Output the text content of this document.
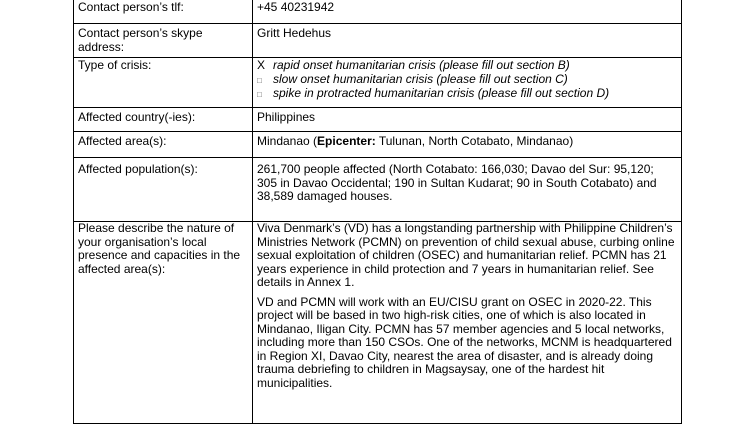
Contact person’s tlf:	+45 40231942
Contact person’s skype address:	Gritt Hedehus
Type of crisis:	X rapid onset humanitarian crisis (please fill out section B)
□ slow onset humanitarian crisis (please fill out section C)
□ spike in protracted humanitarian crisis (please fill out section D)

Affected country(-ies):	Philippines
Affected area(s):	Mindanao (Epicenter: Tulunan, North Cotabato, Mindanao)
Affected population(s):	261,700 people affected (North Cotabato: 166,030; Davao del Sur: 95,120; 305 in Davao Occidental; 190 in Sultan Kudarat; 90 in South Cotabato) and 38,589 damaged houses.
Please describe the nature of your organisation’s local presence and capacities in the affected area(s):	Viva Denmark’s (VD) has a longstanding partnership with Philippine Children’s Ministries Network (PCMN) on prevention of child sexual abuse, curbing online sexual exploitation of children (OSEC) and humanitarian relief. PCMN has 21 years experience in child protection and 7 years in humanitarian relief. See details in Annex 1.

VD and PCMN will work with an EU/CISU grant on OSEC in 2020-22. This project will be based in two high-risk cities, one of which is also located in Mindanao, Iligan City. PCMN has 57 member agencies and 5 local networks, including more than 150 CSOs. One of the networks, MCNM is headquartered in Region XI, Davao City, nearest the area of disaster, and is already doing trauma debriefing to children in Magsaysay, one of the hardest hit municipalities.
